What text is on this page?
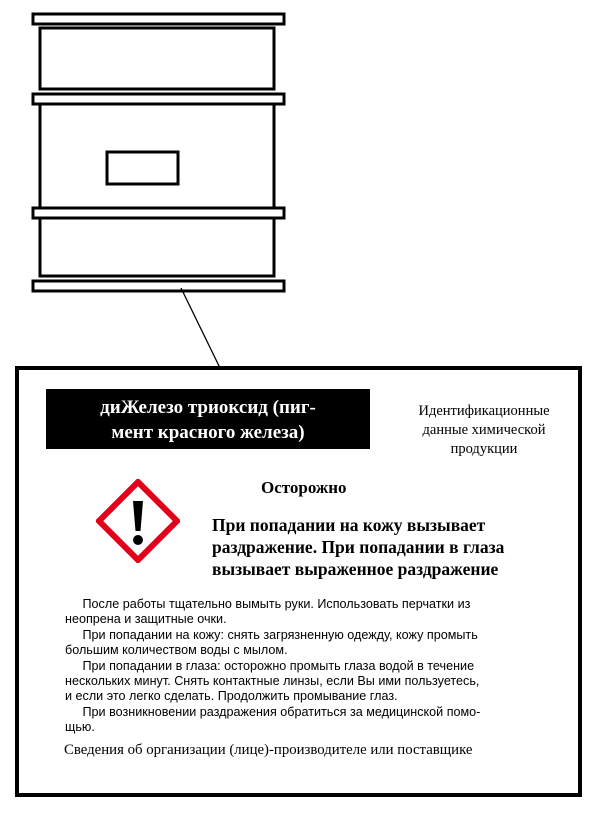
диЖелезо триоксид (пиг-
мент красного железа)
Идентификационные
данные химической
продукции
Осторожно
При попадании на кожу вызывает
раздражение. При попадании в глаза
вызывает выраженное раздражение
После работы тщательно вымыть руки. Использовать перчатки из
неопрена и защитные очки.
При попадании на кожу: снять загрязненную одежду, кожу промыть
большим количеством воды с мылом.
При попадании в глаза: осторожно промыть глаза водой в течение
нескольких минут. Снять контактные линзы, если Вы ими пользуетесь,
и если это легко сделать. Продолжить промывание глаз.
При возникновении раздражения обратиться за медицинской помо-
щью.
Сведения об организации (лице)-производителе или поставщике
